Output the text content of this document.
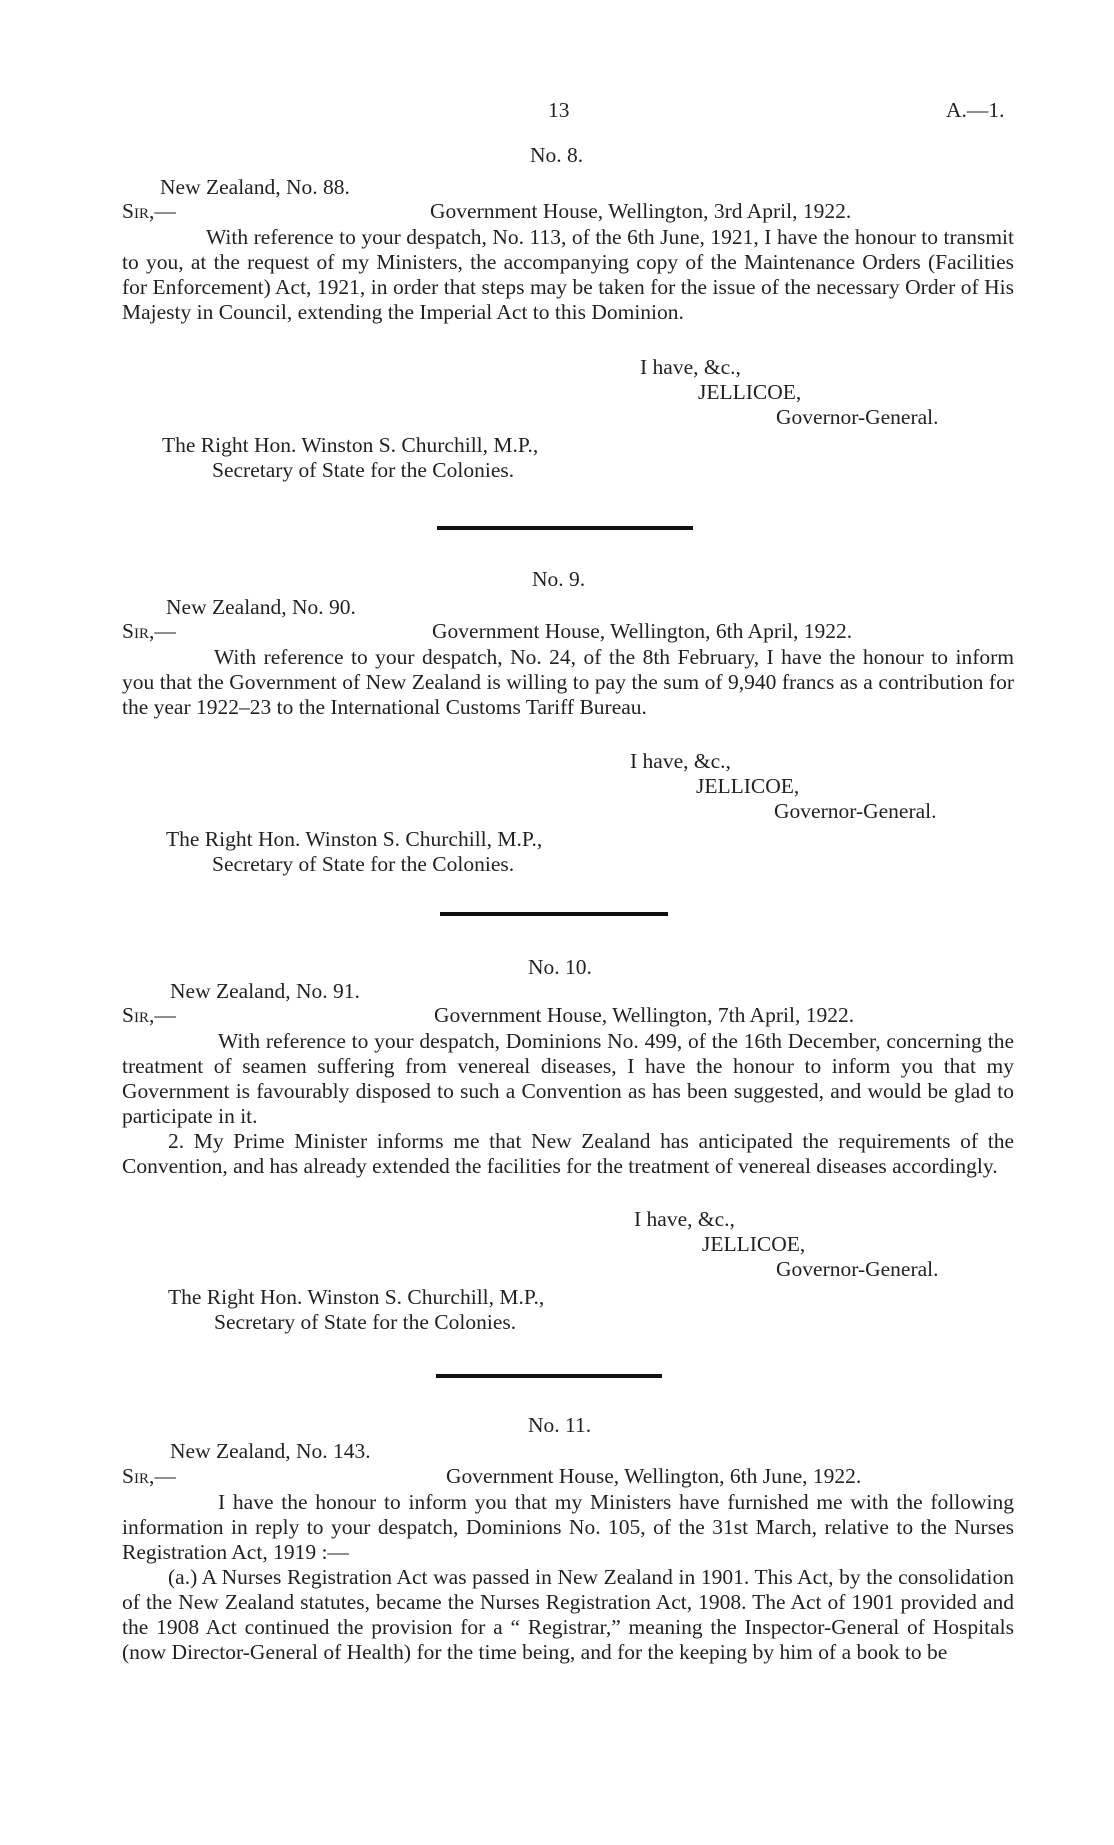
13	A.—1.
No. 8.
New Zealand, No. 88.
Sir,—	Government House, Wellington, 3rd April, 1922.
With reference to your despatch, No. 113, of the 6th June, 1921, I have the honour to transmit to you, at the request of my Ministers, the accompanying copy of the Maintenance Orders (Facilities for Enforcement) Act, 1921, in order that steps may be taken for the issue of the necessary Order of His Majesty in Council, extending the Imperial Act to this Dominion.
I have, &c.,
JELLICOE,
Governor-General.
The Right Hon. Winston S. Churchill, M.P.,
Secretary of State for the Colonies.
No. 9.
New Zealand, No. 90.
Sir,—	Government House, Wellington, 6th April, 1922.
With reference to your despatch, No. 24, of the 8th February, I have the honour to inform you that the Government of New Zealand is willing to pay the sum of 9,940 francs as a contribution for the year 1922–23 to the International Customs Tariff Bureau.
I have, &c.,
JELLICOE,
Governor-General.
The Right Hon. Winston S. Churchill, M.P.,
Secretary of State for the Colonies.
No. 10.
New Zealand, No. 91.
Sir,—	Government House, Wellington, 7th April, 1922.
With reference to your despatch, Dominions No. 499, of the 16th December, concerning the treatment of seamen suffering from venereal diseases, I have the honour to inform you that my Government is favourably disposed to such a Convention as has been suggested, and would be glad to participate in it.
2. My Prime Minister informs me that New Zealand has anticipated the requirements of the Convention, and has already extended the facilities for the treatment of venereal diseases accordingly.
I have, &c.,
JELLICOE,
Governor-General.
The Right Hon. Winston S. Churchill, M.P.,
Secretary of State for the Colonies.
No. 11.
New Zealand, No. 143.
Sir,—	Government House, Wellington, 6th June, 1922.
I have the honour to inform you that my Ministers have furnished me with the following information in reply to your despatch, Dominions No. 105, of the 31st March, relative to the Nurses Registration Act, 1919 :—
(a.) A Nurses Registration Act was passed in New Zealand in 1901. This Act, by the consolidation of the New Zealand statutes, became the Nurses Registration Act, 1908. The Act of 1901 provided and the 1908 Act continued the provision for a “ Registrar,” meaning the Inspector-General of Hospitals (now Director-General of Health) for the time being, and for the keeping by him of a book to be
